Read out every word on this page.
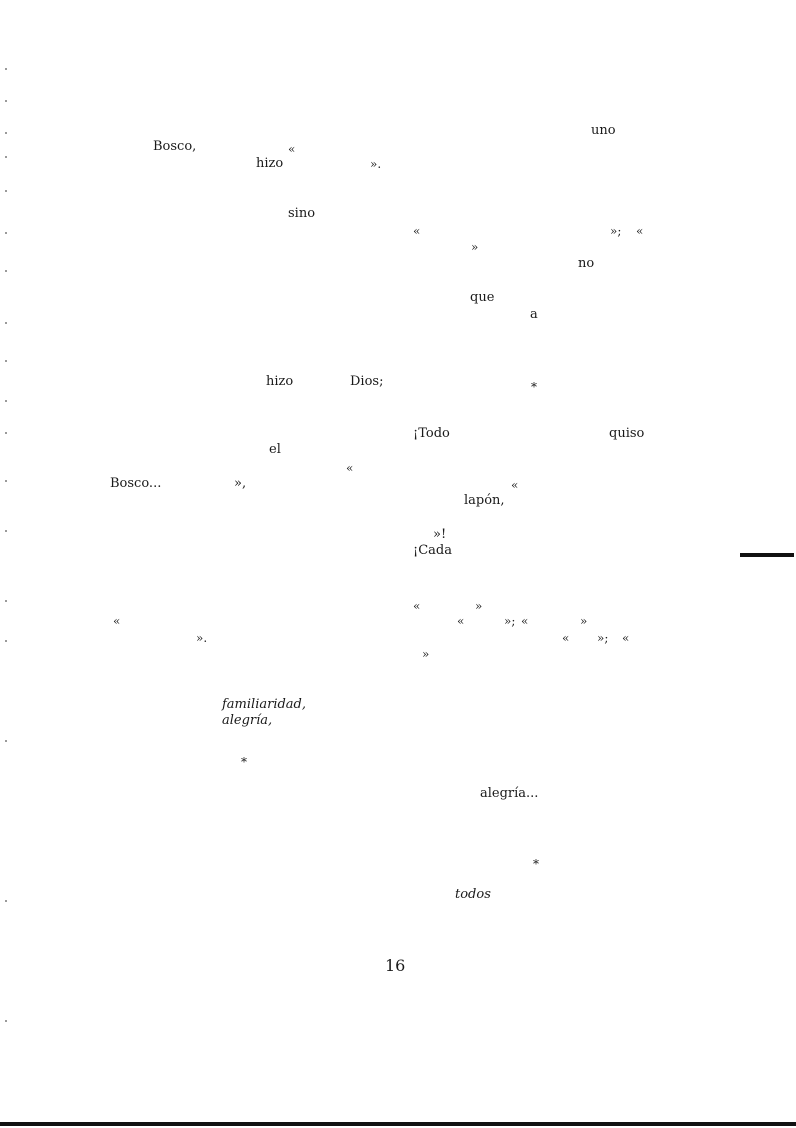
uno
Bosco,	«
hizo	».
sino
«	»; «
»
no
que
a
hizo	Dios;	*
¡Todo	quiso
el
«
Bosco...	»,	«
lapón,
»!
¡Cada
«	»
«	«	»; «	»
».	« »; «
»
familiaridad,
alegría,
*
alegría...
*
todos
16
